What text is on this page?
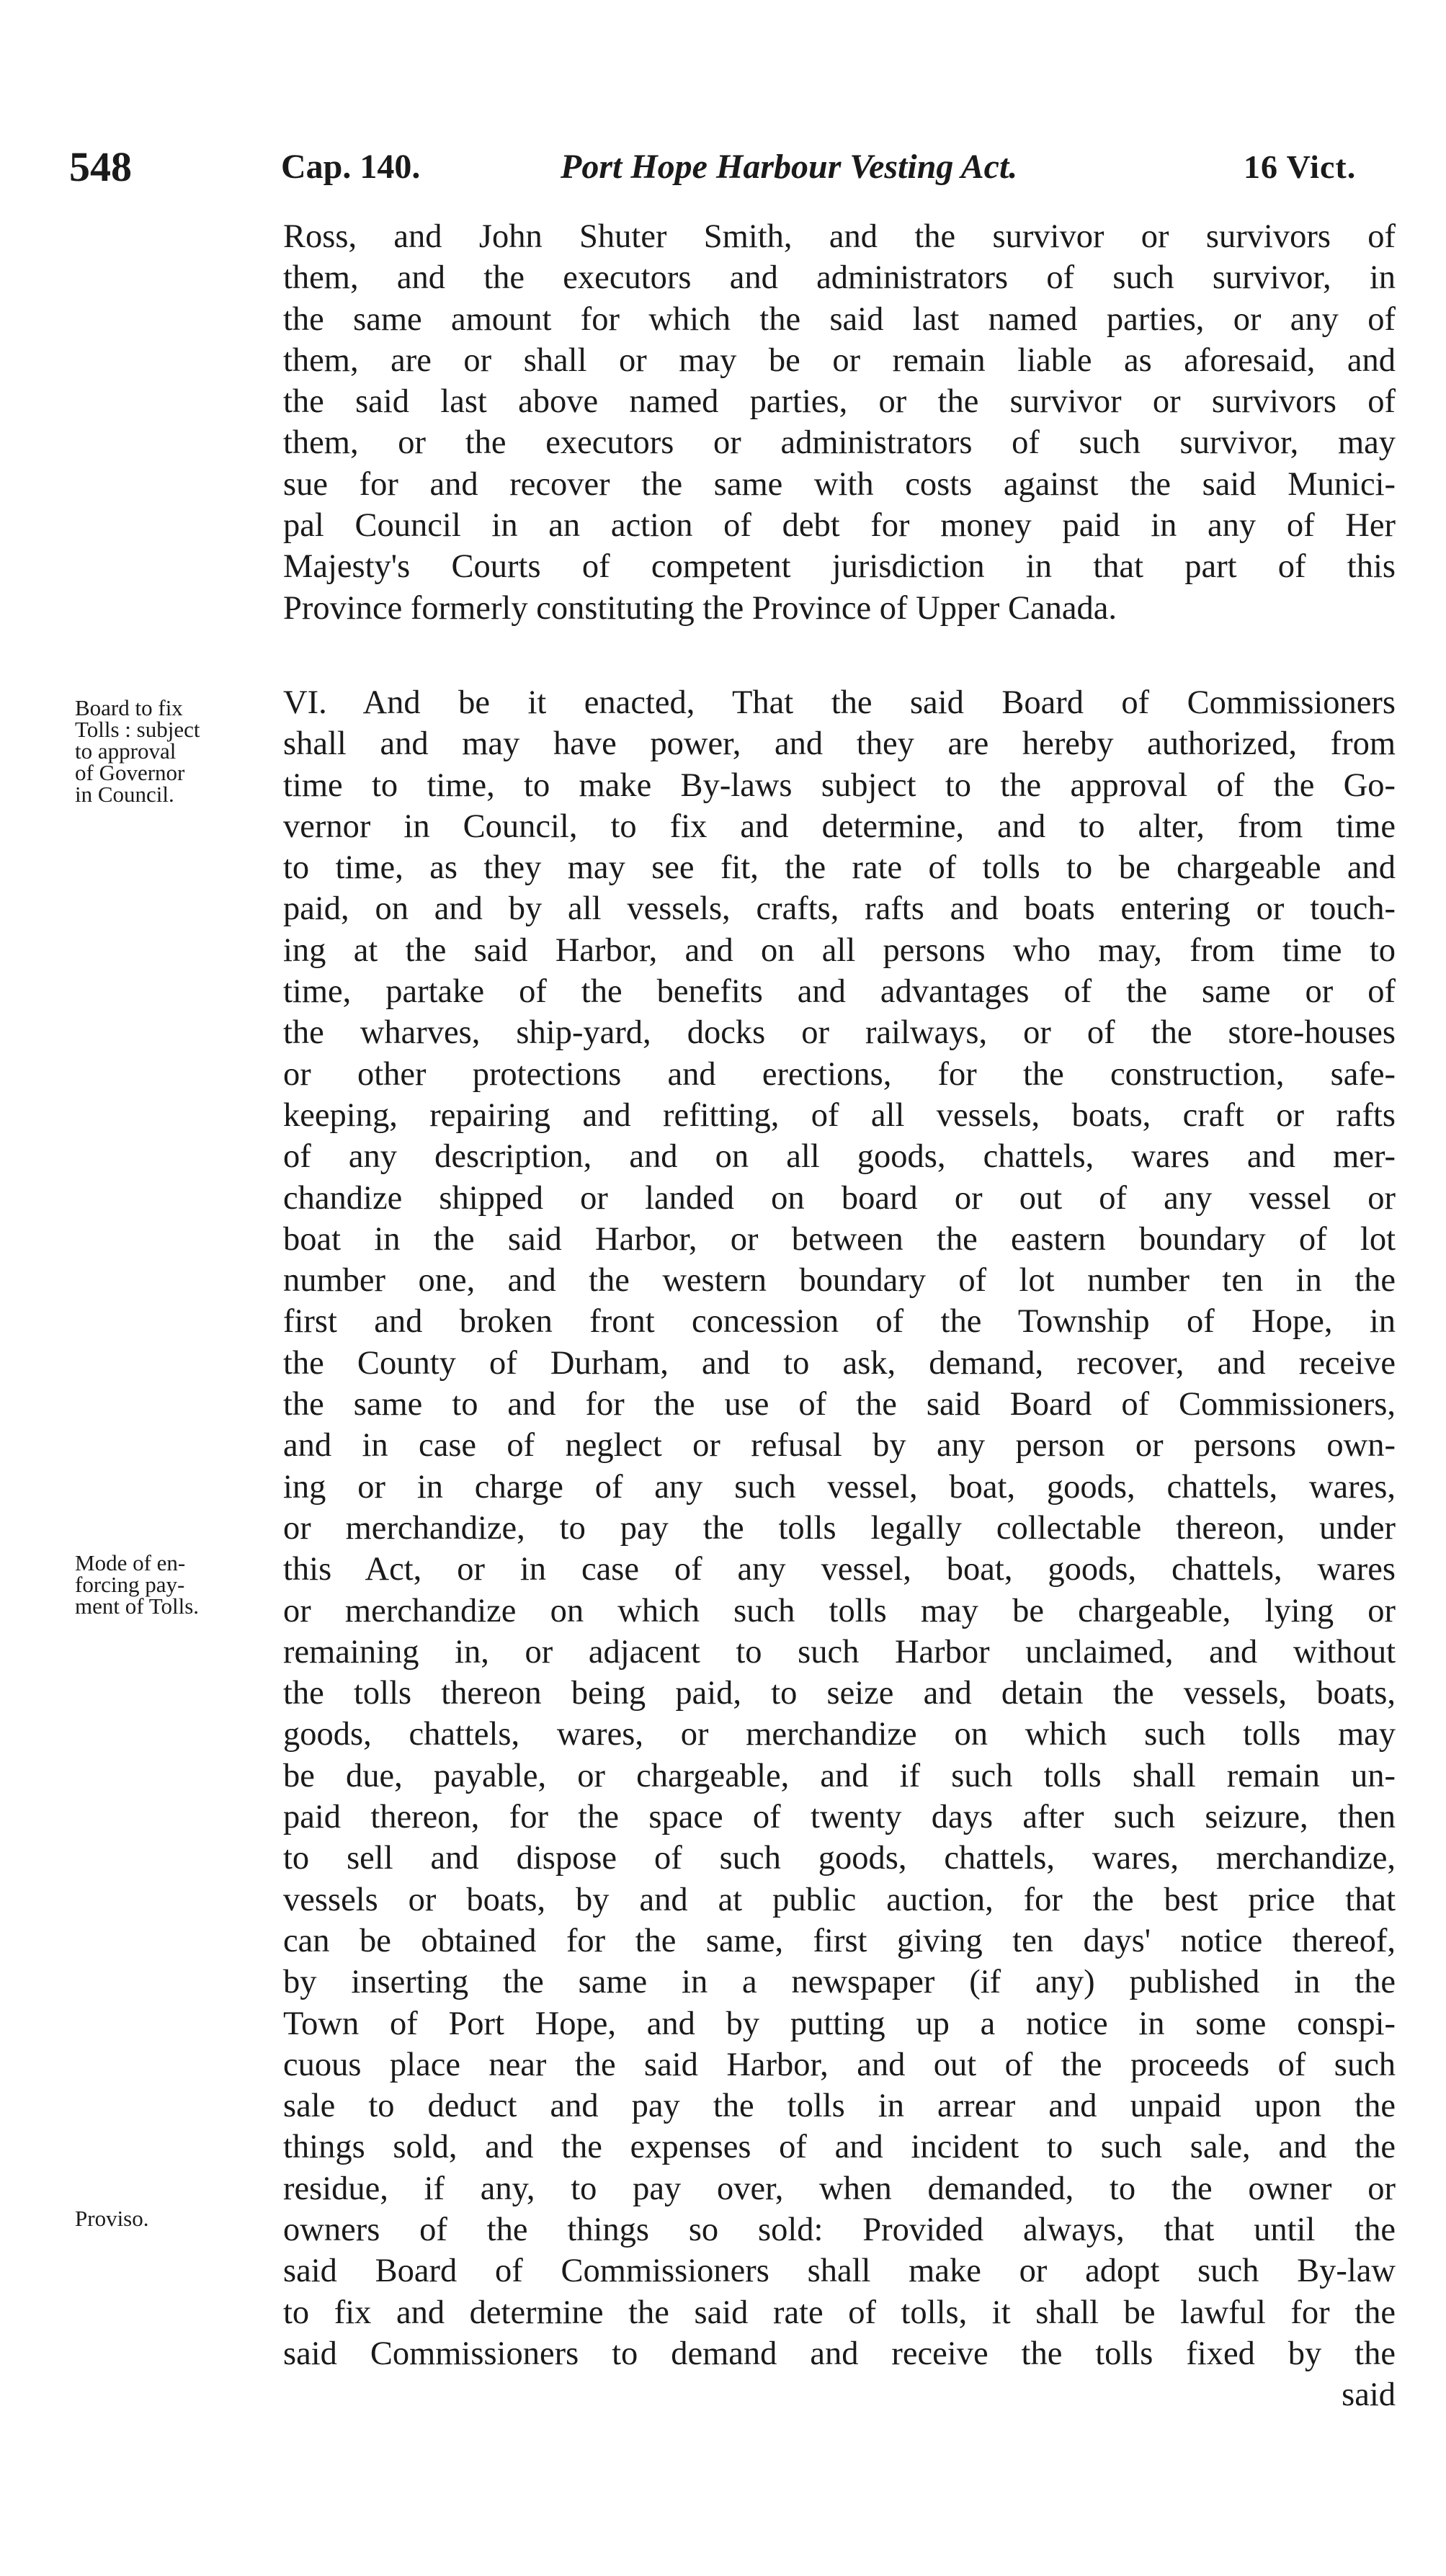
548	Cap. 140.	Port Hope Harbour Vesting Act.	16 Vict.
Ross, and John Shuter Smith, and the survivor or survivors of
them, and the executors and administrators of such survivor, in
the same amount for which the said last named parties, or any of
them, are or shall or may be or remain liable as aforesaid, and
the said last above named parties, or the survivor or survivors of
them, or the executors or administrators of such survivor, may
sue for and recover the same with costs against the said Munici-
pal Council in an action of debt for money paid in any of Her
Majesty's Courts of competent jurisdiction in that part of this
Province formerly constituting the Province of Upper Canada.
VI. And be it enacted, That the said Board of Commissioners
shall and may have power, and they are hereby authorized, from
time to time, to make By-laws subject to the approval of the Go-
vernor in Council, to fix and determine, and to alter, from time
to time, as they may see fit, the rate of tolls to be chargeable and
paid, on and by all vessels, crafts, rafts and boats entering or touch-
ing at the said Harbor, and on all persons who may, from time to
time, partake of the benefits and advantages of the same or of
the wharves, ship-yard, docks or railways, or of the store-houses
or other protections and erections, for the construction, safe-
keeping, repairing and refitting, of all vessels, boats, craft or rafts
of any description, and on all goods, chattels, wares and mer-
chandize shipped or landed on board or out of any vessel or
boat in the said Harbor, or between the eastern boundary of lot
number one, and the western boundary of lot number ten in the
first and broken front concession of the Township of Hope, in
the County of Durham, and to ask, demand, recover, and receive
the same to and for the use of the said Board of Commissioners,
and in case of neglect or refusal by any person or persons own-
ing or in charge of any such vessel, boat, goods, chattels, wares,
or merchandize, to pay the tolls legally collectable thereon, under
this Act, or in case of any vessel, boat, goods, chattels, wares
or merchandize on which such tolls may be chargeable, lying or
remaining in, or adjacent to such Harbor unclaimed, and without
the tolls thereon being paid, to seize and detain the vessels, boats,
goods, chattels, wares, or merchandize on which such tolls may
be due, payable, or chargeable, and if such tolls shall remain un-
paid thereon, for the space of twenty days after such seizure, then
to sell and dispose of such goods, chattels, wares, merchandize,
vessels or boats, by and at public auction, for the best price that
can be obtained for the same, first giving ten days' notice thereof,
by inserting the same in a newspaper (if any) published in the
Town of Port Hope, and by putting up a notice in some conspi-
cuous place near the said Harbor, and out of the proceeds of such
sale to deduct and pay the tolls in arrear and unpaid upon the
things sold, and the expenses of and incident to such sale, and the
residue, if any, to pay over, when demanded, to the owner or
owners of the things so sold: Provided always, that until the
said Board of Commissioners shall make or adopt such By-law
to fix and determine the said rate of tolls, it shall be lawful for the
said Commissioners to demand and receive the tolls fixed by the
said
Board to fix
Tolls : subject
to approval
of Governor
in Council.
Mode of en-
forcing pay-
ment of Tolls.
Proviso.
